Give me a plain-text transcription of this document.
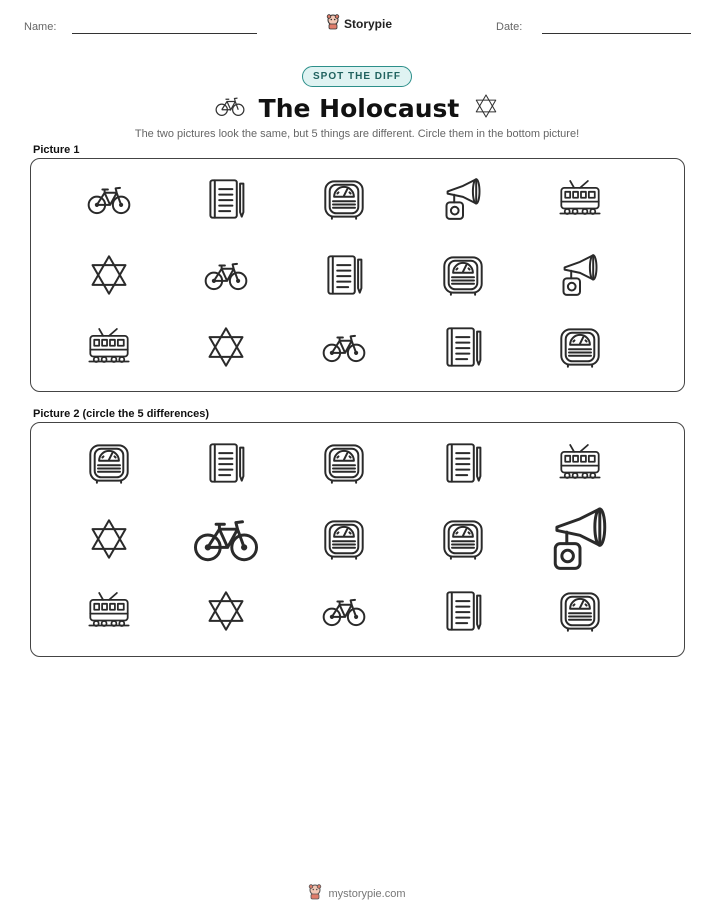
Name:	Storypie	Date:
SPOT THE DIFF
The Holocaust
The two pictures look the same, but 5 things are different. Circle them in the bottom picture!
Picture 1
Picture 2 (circle the 5 differences)
mystorypie.com
